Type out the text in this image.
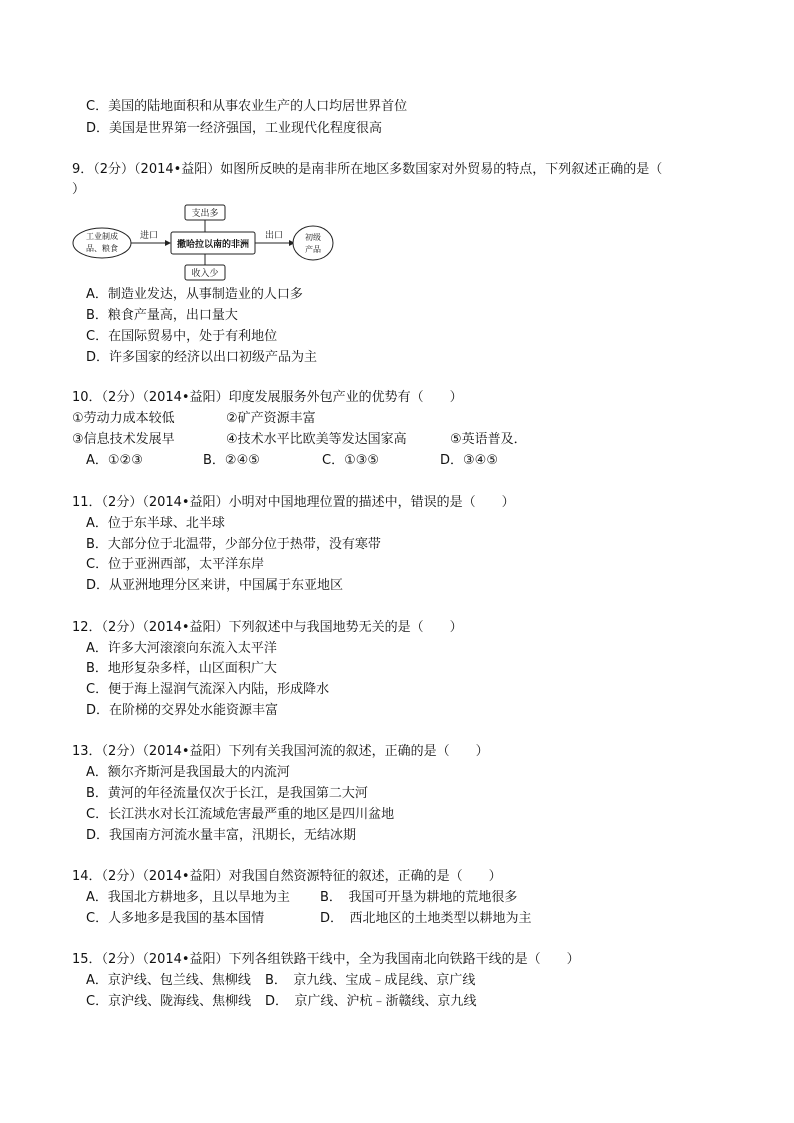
C．美国的陆地面积和从事农业生产的人口均居世界首位
D．美国是世界第一经济强国，工业现代化程度很高
9．（2分）（2014•益阳）如图所反映的是南非所在地区多数国家对外贸易的特点，下列叙述正确的是（
）
工业制成
品、粮食
进口
撒哈拉以南的非洲
出口	初级
产品
支出多
收入少
A．制造业发达，从事制造业的人口多
B．粮食产量高，出口量大
C．在国际贸易中，处于有利地位
D．许多国家的经济以出口初级产品为主
10．（2分）（2014•益阳）印度发展服务外包产业的优势有（　　）
①劳动力成本较低	②矿产资源丰富
③信息技术发展早	④技术水平比欧美等发达国家高	⑤英语普及．
A．①②③	B．②④⑤	C．①③⑤	D．③④⑤
11．（2分）（2014•益阳）小明对中国地理位置的描述中，错误的是（　　）
A．位于东半球、北半球
B．大部分位于北温带，少部分位于热带，没有寒带
C．位于亚洲西部，太平洋东岸
D．从亚洲地理分区来讲，中国属于东亚地区
12．（2分）（2014•益阳）下列叙述中与我国地势无关的是（　　）
A．许多大河滚滚向东流入太平洋
B．地形复杂多样，山区面积广大
C．便于海上湿润气流深入内陆，形成降水
D．在阶梯的交界处水能资源丰富
13．（2分）（2014•益阳）下列有关我国河流的叙述，正确的是（　　）
A．额尔齐斯河是我国最大的内流河
B．黄河的年径流量仅次于长江，是我国第二大河
C．长江洪水对长江流域危害最严重的地区是四川盆地
D．我国南方河流水量丰富，汛期长，无结冰期
14．（2分）（2014•益阳）对我国自然资源特征的叙述，正确的是（　　）
A．我国北方耕地多，且以旱地为主 B．　我国可开垦为耕地的荒地很多
C．人多地多是我国的基本国情	D．　西北地区的土地类型以耕地为主
15．（2分）（2014•益阳）下列各组铁路干线中，全为我国南北向铁路干线的是（　　）
A．京沪线、包兰线、焦柳线 B．　京九线、宝成﹣成昆线、京广线
C．京沪线、陇海线、焦柳线 D．　京广线、沪杭﹣浙赣线、京九线
